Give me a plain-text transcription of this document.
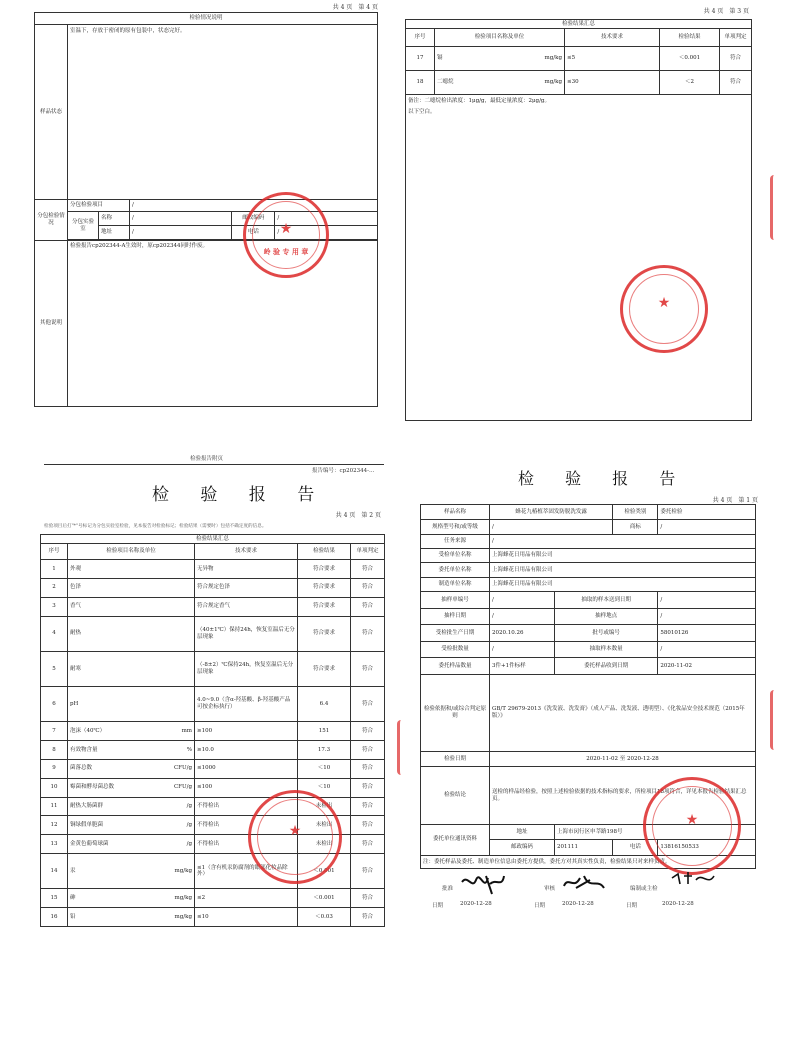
共 4 页　第 4 页
检验情况说明					
样品状态	室温下，存放于密闭的原有包装中，状态完好。				
分包检验情况	分包检验项目		/		
	分包实验室	名称	/	邮政编码	/
		地址	/	电话	/

其他说明	检验报告cp202344-A生效时，原cp202344同时作废。				
★
岭 验 专 用 章
共 4 页　第 3 页
检验结果汇总				
序号	检验项目名称及单位	技术要求	检验结果	单项判定
17	镉 mg/kg	≤5	＜0.001	符合
18	二噁烷 mg/kg	≤30	＜2	符合

备注：二噁烷检出浓度：1μg/g，最低定量浓度：2μg/g。
以下空白。				
★
检验报告附页
报告编号：cp202344-…
检 验 报 告
共 4 页　第 2 页
检验项目后打"*"号标记为分包实验室检验，见本报告对检验标记；检验结果（需要时）包括不确定度的信息。
检验结果汇总				
序号	检验项目名称及单位	技术要求	检验结果	单项判定
1	外观	无异物	符合要求	符合
2	色泽	符合规定色泽	符合要求	符合
3	香气	符合规定香气	符合要求	符合
4	耐热	（40±1℃）保持24h，恢复室温后无分层现象	符合要求	符合
5	耐寒	（-8±2）℃保持24h，恢复室温后无分层现象	符合要求	符合
6	pH	4.0~9.0（含α-羟基酸、β-羟基酸产品可按企标执行）	6.4	符合
7	泡沫（40℃） mm	≥100	151	符合
8	有效物含量 %	≥10.0	17.3	符合
9	菌落总数 CFU/g	≤1000	＜10	符合
10	霉菌和酵母菌总数 CFU/g	≤100	＜10	符合
11	耐热大肠菌群 /g	不得检出	未检出	符合
12	铜绿假单胞菌 /g	不得检出	未检出	符合
13	金黄色葡萄球菌 /g	不得检出	未检出	符合
14	汞 mg/kg	≤1（含有机汞防腐剂的眼部化妆品除外）	＜0.001	符合
15	砷 mg/kg	≤2	＜0.001	符合
16	铅 mg/kg	≤10	＜0.03	符合
★
检 验 报 告
共 4 页　第 1 页
样品名称	蜂花九椿植萃固发防脱洗发露		检验类别	委托检验
规格型号和/或等级	/		商标	/
任务来源	/			
受检单位名称	上海蜂花日用品有限公司			
委托单位名称	上海蜂花日用品有限公司			
制造单位名称	上海蜂花日用品有限公司			
抽样单编号	/	抽取的样本送到日期		/
抽样日期	/	抽样地点		/
受检批生产日期	2020.10.26	批号或编号		58010126
受检批数量	/	抽取样本数量		/
委托样品数量	3件+1件标样	委托样品收到日期		2020-11-02
检验依据和/或综合判定原则	GB/T 29679-2013《洗发液、洗发膏》（成人产品、洗发液、透明型）、《化妆品安全技术规范（2015年版）》			
检验日期	2020-11-02 至 2020-12-28			
检验结论	送检的样品经检验，按照上述检验依据的技术指标的要求，所检项目18项符合，详见本报告检验结果汇总页。			
委托单位通讯资料	地址	上海市闵行区申莘路198号		
	邮政编码	201111	电话	13816150533
注：委托样品及委托、制造单位信息由委托方提供，委托方对其真实性负责，检验结果只对来样负责。				
★
批准	审核	编制或主检
日期	2020-12-28	日期	2020-12-28	日期	2020-12-28
